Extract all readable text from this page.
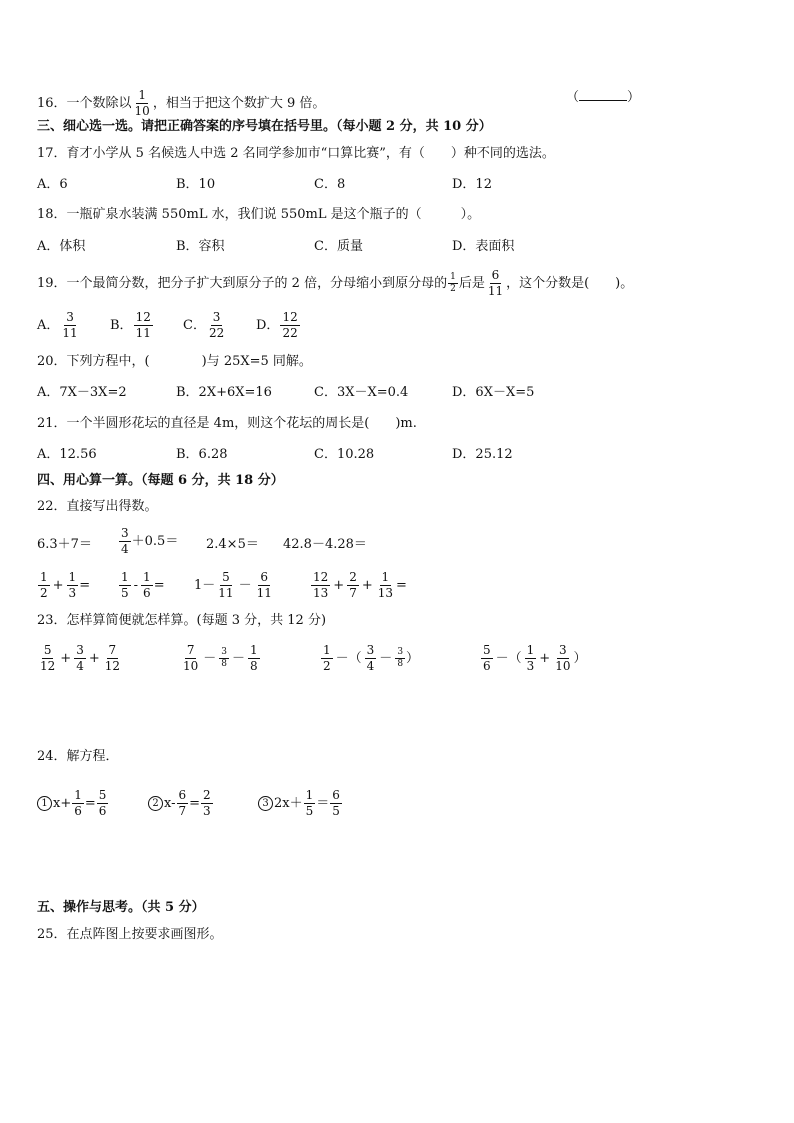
16．一个数除以 $\frac{1}{10}$ ，相当于把这个数扩大 9 倍。	（	）
三、细心选一选。请把正确答案的序号填在括号里。（每小题 2 分，共 10 分）
17．育才小学从 5 名候选人中选 2 名同学参加市“口算比赛”，有（　　）种不同的选法。
A．6	B．10	C．8	D．12
18．一瓶矿泉水装满 550mL 水，我们说 550mL 是这个瓶子的（　　　）。
A．体积	B．容积	C．质量	D．表面积
19．一个最简分数，把分子扩大到原分子的 2 倍，分母缩小到原分母的 $\frac{1}{2}$ 后是 $\frac{6}{11}$ ，这个分数是(　　)。
A． $\frac{3}{11}$ B． $\frac{12}{11}$ C． $\frac{3}{22}$ D． $\frac{12}{22}$
20．下列方程中，(　　　　)与 25X=5 同解。
A．7X－3X=2	B．2X+6X=16	C．3X－X=0.4	D．6X－X=5
21．一个半圆形花坛的直径是 4m，则这个花坛的周长是(　　)m.
A．12.56	B．6.28	C．10.28	D．25.12
四、用心算一算。（每题 6 分，共 18 分）
22．直接写出得数。
$6.3+7= \frac{3}{4} +0.5= 2.4\times 5= 42.8-4.28=$
$\frac{1}{2} + \frac{1}{3} = \frac{1}{5} - \frac{1}{6} = 1- \frac{5}{11} - \frac{6}{11}$	$\frac{12}{13} + \frac{2}{7} + \frac{1}{13}$ =
23．怎样算简便就怎样算。(每题 3 分，共 12 分)
$\frac{5}{12} + \frac{3}{4} + \frac{7}{12}$	$\frac{7}{10} - \frac{3}{8} - \frac{1}{8}$	$\frac{1}{2}$ －（ $\frac{3}{4} - \frac{3}{8}$ ）	$\frac{5}{6}$ －（ $\frac{1}{3} + \frac{3}{10}$ ）
24．解方程．
1 $x+ \frac{1}{6} = \frac{5}{6}$	2 $x- \frac{6}{7} = \frac{2}{3}$	3 $2x+ \frac{1}{5} = \frac{6}{5}$
五、操作与思考。（共 5 分）
25．在点阵图上按要求画图形。
